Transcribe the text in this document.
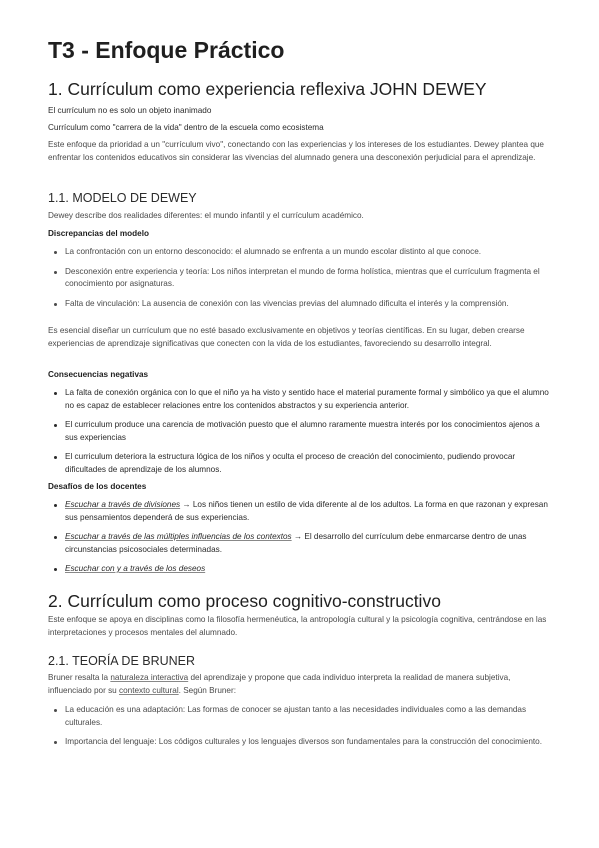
T3 - Enfoque Práctico
1. Currículum como experiencia reflexiva JOHN DEWEY

El currículum no es solo un objeto inanimado

Currículum como "carrera de la vida" dentro de la escuela como ecosistema

Este enfoque da prioridad a un "currículum vivo", conectando con las experiencias y los intereses de los estudiantes. Dewey plantea que enfrentar los contenidos educativos sin considerar las vivencias del alumnado genera una desconexión perjudicial para el aprendizaje.

1.1. MODELO DE DEWEY

Dewey describe dos realidades diferentes: el mundo infantil y el currículum académico.

Discrepancias del modelo

La confrontación con un entorno desconocido: el alumnado se enfrenta a un mundo escolar distinto al que conoce.
Desconexión entre experiencia y teoría: Los niños interpretan el mundo de forma holística, mientras que el currículum fragmenta el conocimiento por asignaturas.
Falta de vinculación: La ausencia de conexión con las vivencias previas del alumnado dificulta el interés y la comprensión.

Es esencial diseñar un currículum que no esté basado exclusivamente en objetivos y teorías científicas. En su lugar, deben crearse experiencias de aprendizaje significativas que conecten con la vida de los estudiantes, favoreciendo su desarrollo integral.

Consecuencias negativas

La falta de conexión orgánica con lo que el niño ya ha visto y sentido hace el material puramente formal y simbólico ya que el alumno no es capaz de establecer relaciones entre los contenidos abstractos y su experiencia anterior.
El curriculum produce una carencia de motivación puesto que el alumno raramente muestra interés por los conocimientos ajenos a sus experiencias
El curriculum deteriora la estructura lógica de los niños y oculta el proceso de creación del conocimiento, pudiendo provocar dificultades de aprendizaje de los alumnos.

Desafíos de los docentes

Escuchar a través de divisiones → Los niños tienen un estilo de vida diferente al de los adultos. La forma en que razonan y expresan sus pensamientos dependerá de sus experiencias.
Escuchar a través de las múltiples influencias de los contextos → El desarrollo del currículum debe enmarcarse dentro de unas circunstancias psicosociales determinadas.
Escuchar con y a través de los deseos
2. Currículum como proceso cognitivo-constructivo

Este enfoque se apoya en disciplinas como la filosofía hermenéutica, la antropología cultural y la psicología cognitiva, centrándose en las interpretaciones y procesos mentales del alumnado.

2.1. TEORÍA DE BRUNER

Bruner resalta la naturaleza interactiva del aprendizaje y propone que cada individuo interpreta la realidad de manera subjetiva, influenciado por su contexto cultural. Según Bruner:

La educación es una adaptación: Las formas de conocer se ajustan tanto a las necesidades individuales como a las demandas culturales.
Importancia del lenguaje: Los códigos culturales y los lenguajes diversos son fundamentales para la construcción del conocimiento.
